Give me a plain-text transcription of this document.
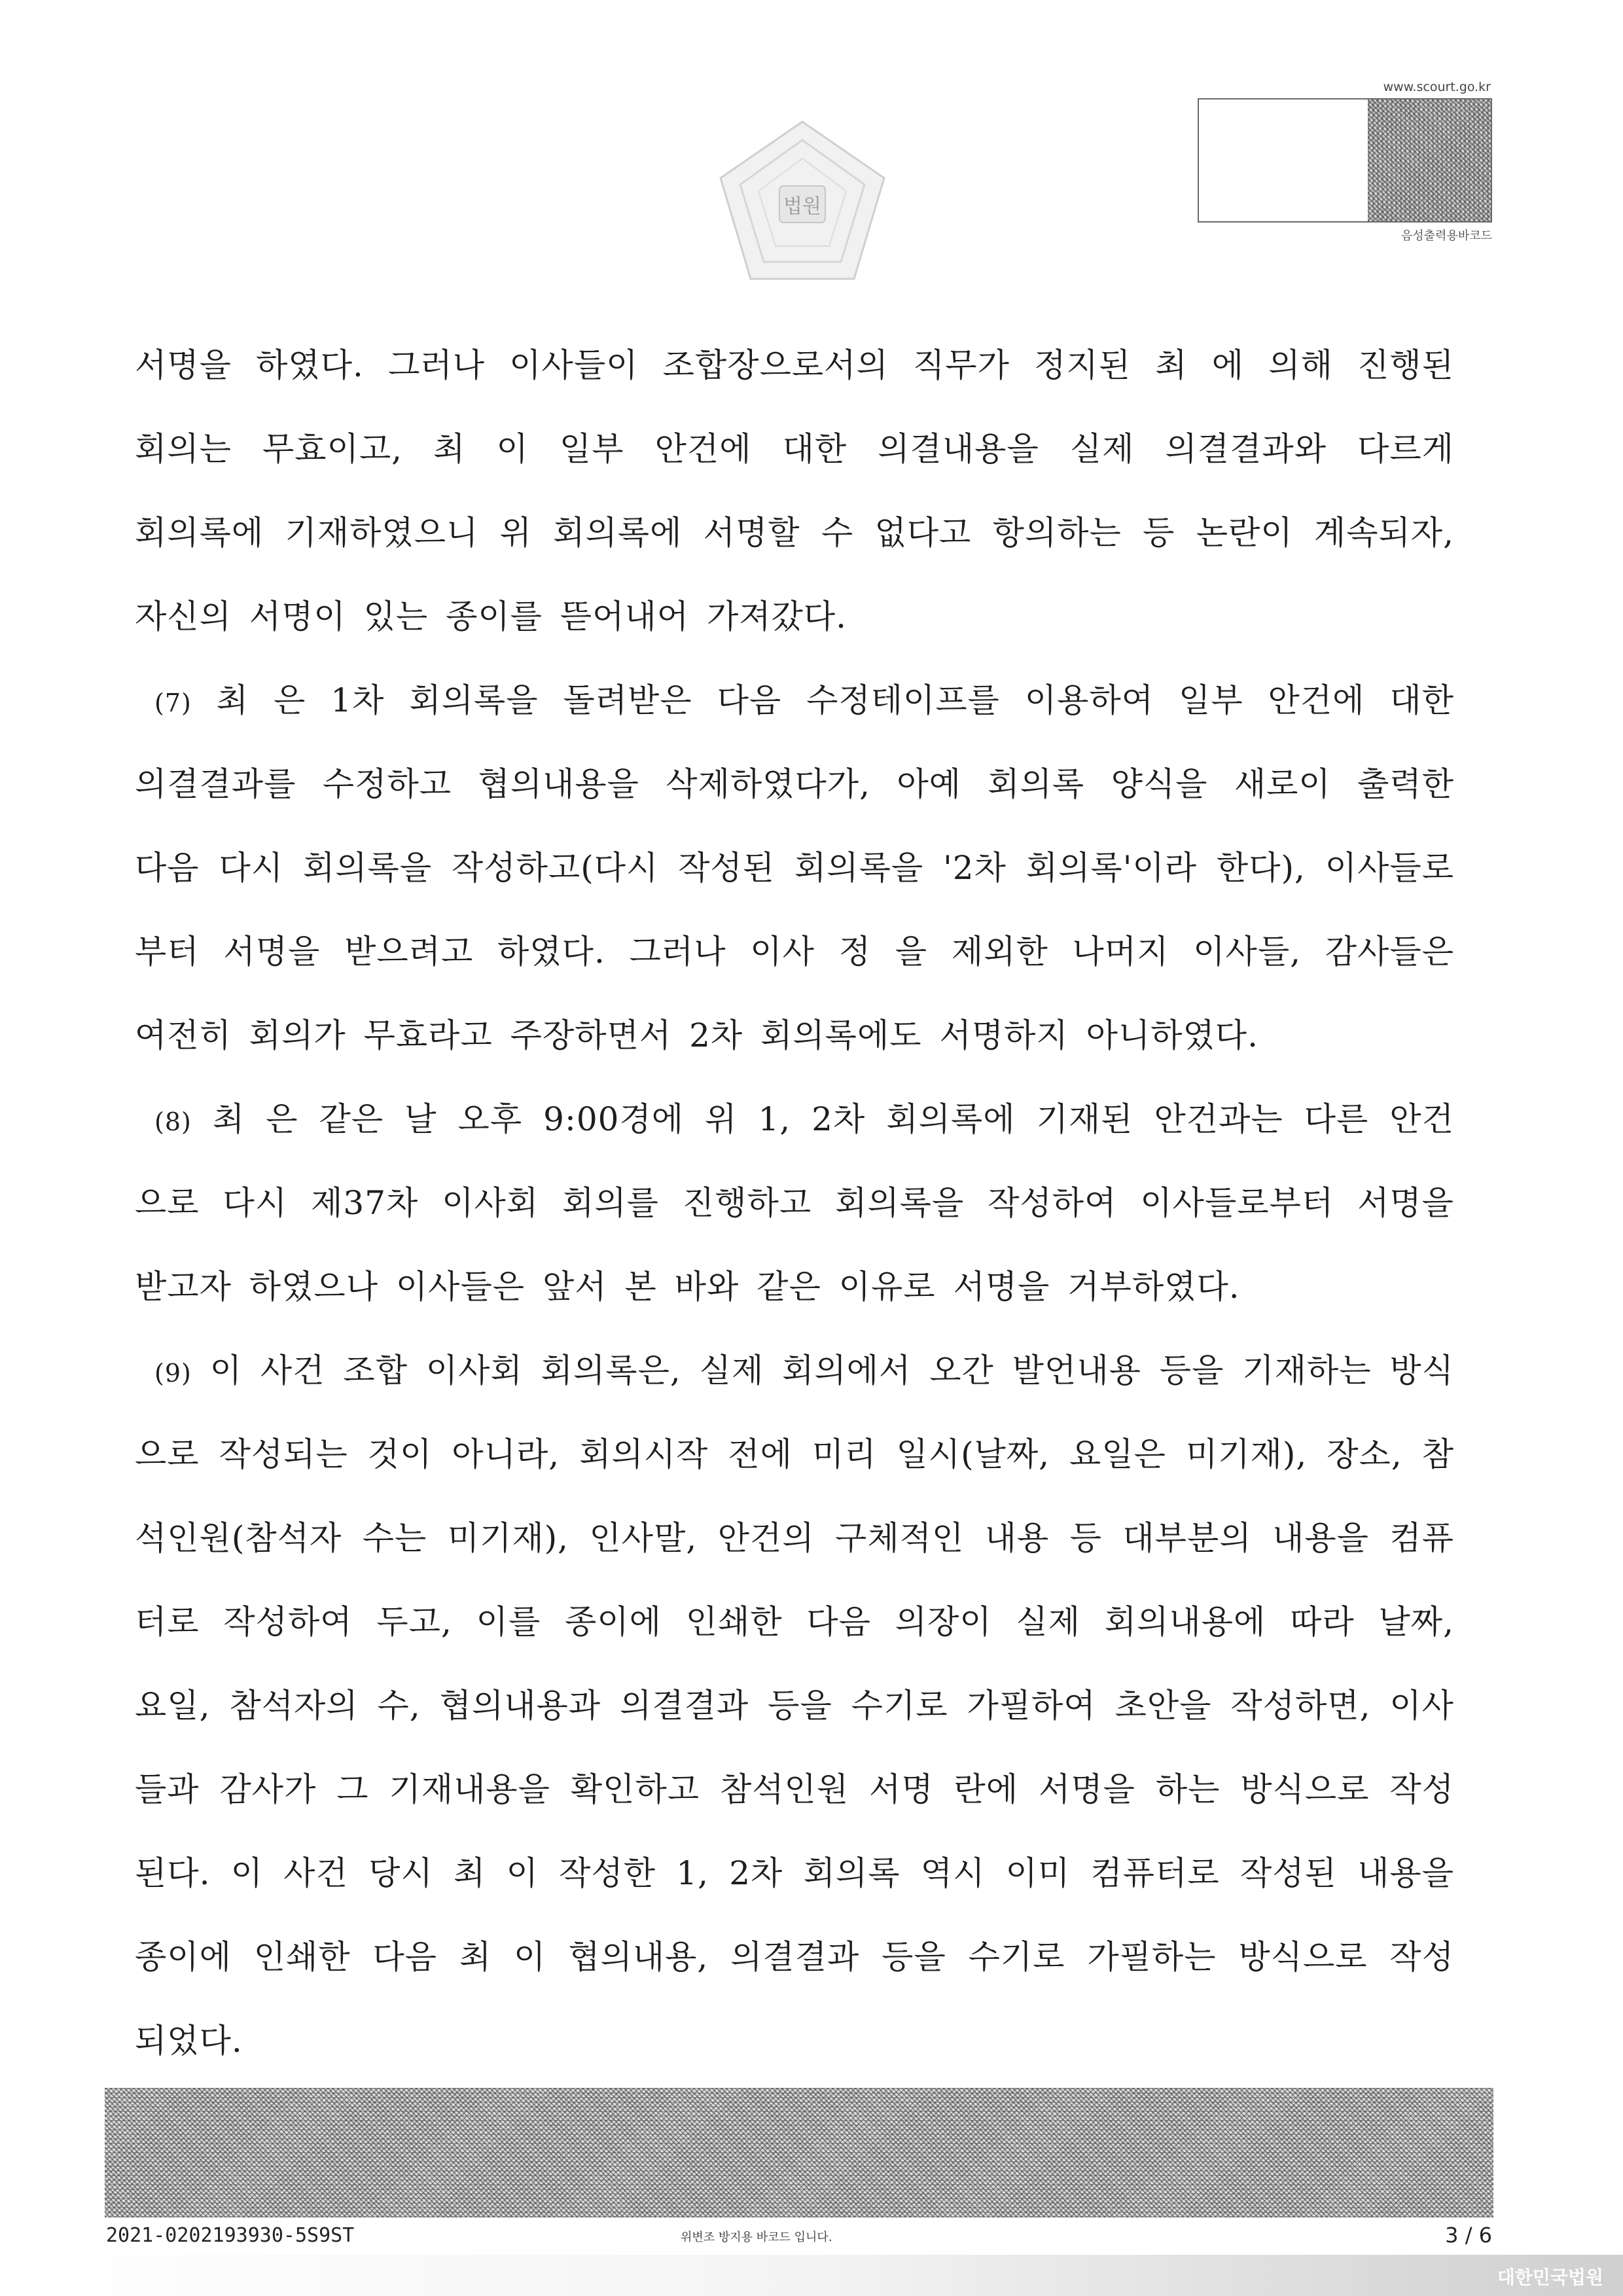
법원
www.scourt.go.kr
음성출력용바코드
서명을 하였다. 그러나 이사들이 조합장으로서의 직무가 정지된 최 에 의해 진행된
회의는 무효이고, 최 이 일부 안건에 대한 의결내용을 실제 의결결과와 다르게
회의록에 기재하였으니 위 회의록에 서명할 수 없다고 항의하는 등 논란이 계속되자,
자신의 서명이 있는 종이를 뜯어내어 가져갔다.
(7) 최 은 1차 회의록을 돌려받은 다음 수정테이프를 이용하여 일부 안건에 대한
의결결과를 수정하고 협의내용을 삭제하였다가, 아예 회의록 양식을 새로이 출력한
다음 다시 회의록을 작성하고(다시 작성된 회의록을 '2차 회의록'이라 한다), 이사들로
부터 서명을 받으려고 하였다. 그러나 이사 정 을 제외한 나머지 이사들, 감사들은
여전히 회의가 무효라고 주장하면서 2차 회의록에도 서명하지 아니하였다.
(8) 최 은 같은 날 오후 9:00경에 위 1, 2차 회의록에 기재된 안건과는 다른 안건
으로 다시 제37차 이사회 회의를 진행하고 회의록을 작성하여 이사들로부터 서명을
받고자 하였으나 이사들은 앞서 본 바와 같은 이유로 서명을 거부하였다.
(9) 이 사건 조합 이사회 회의록은, 실제 회의에서 오간 발언내용 등을 기재하는 방식
으로 작성되는 것이 아니라, 회의시작 전에 미리 일시(날짜, 요일은 미기재), 장소, 참
석인원(참석자 수는 미기재), 인사말, 안건의 구체적인 내용 등 대부분의 내용을 컴퓨
터로 작성하여 두고, 이를 종이에 인쇄한 다음 의장이 실제 회의내용에 따라 날짜,
요일, 참석자의 수, 협의내용과 의결결과 등을 수기로 가필하여 초안을 작성하면, 이사
들과 감사가 그 기재내용을 확인하고 참석인원 서명 란에 서명을 하는 방식으로 작성
된다. 이 사건 당시 최 이 작성한 1, 2차 회의록 역시 이미 컴퓨터로 작성된 내용을
종이에 인쇄한 다음 최 이 협의내용, 의결결과 등을 수기로 가필하는 방식으로 작성
되었다.
2021-0202193930-5S9ST	위변조 방지용 바코드 입니다.	3 / 6
대한민국법원
